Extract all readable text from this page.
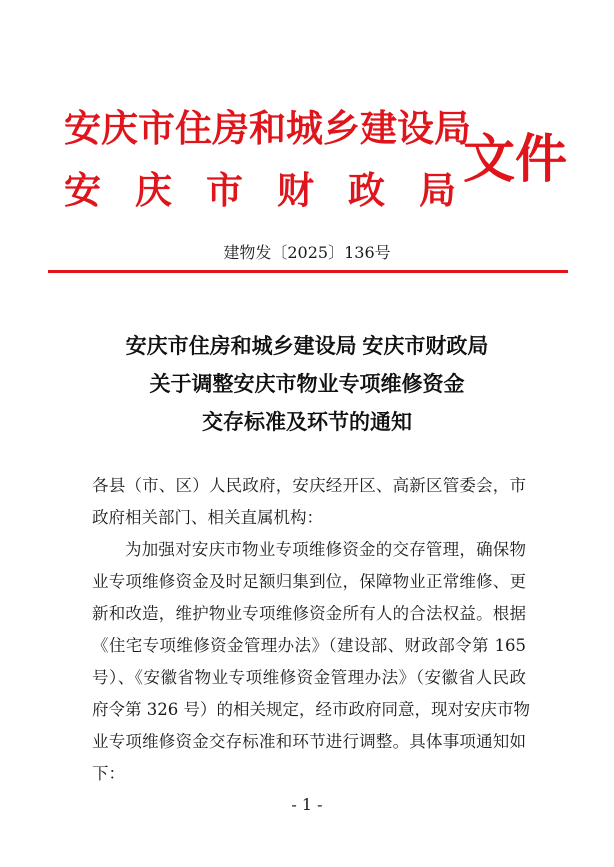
安庆市住房和城乡建设局
安庆市财政局
文件
建物发〔2025〕136号
安庆市住房和城乡建设局 安庆市财政局
关于调整安庆市物业专项维修资金
交存标准及环节的通知
各县（市、区）人民政府，安庆经开区、高新区管委会，市
政府相关部门、相关直属机构：
为加强对安庆市物业专项维修资金的交存管理，确保物
业专项维修资金及时足额归集到位，保障物业正常维修、更
新和改造，维护物业专项维修资金所有人的合法权益。根据
《住宅专项维修资金管理办法》（建设部、财政部令第 165
号）、《安徽省物业专项维修资金管理办法》（安徽省人民政
府令第 326 号）的相关规定，经市政府同意，现对安庆市物
业专项维修资金交存标准和环节进行调整。具体事项通知如
下：
- 1 -
